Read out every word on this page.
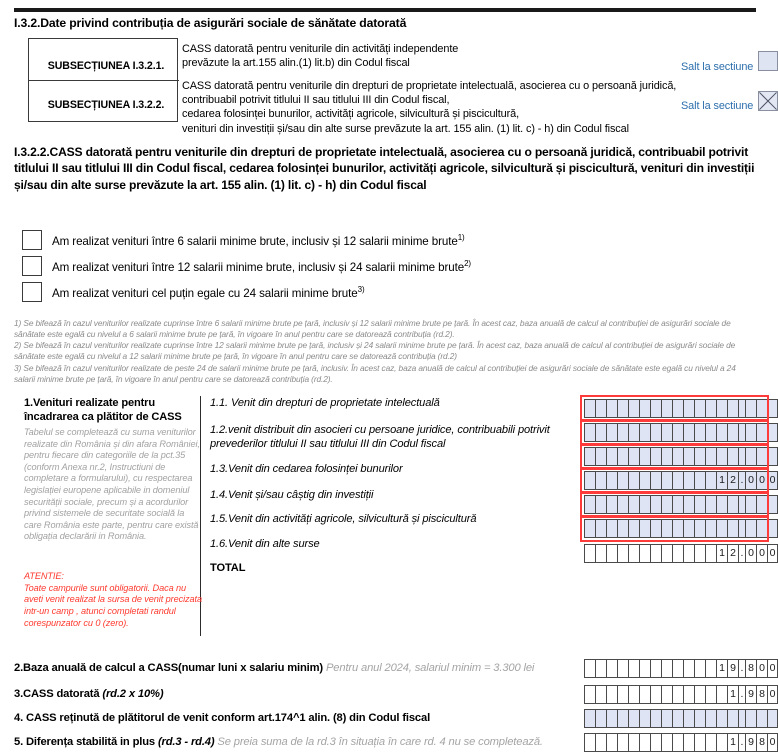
I.3.2.Date privind contribuția de asigurări sociale de sănătate datorată
SUBSECȚIUNEA I.3.2.1.
SUBSECȚIUNEA I.3.2.2.
CASS datorată pentru veniturile din activități independente
prevăzute la art.155 alin.(1) lit.b) din Codul fiscal
CASS datorată pentru veniturile din drepturi de proprietate intelectuală, asocierea cu o persoană juridică,
contribuabil potrivit titlului II sau titlului III din Codul fiscal,
cedarea folosinței bunurilor, activități agricole, silvicultură și piscicultură,
venituri din investiții și/sau din alte surse prevăzute la art. 155 alin. (1) lit. c) - h) din Codul fiscal
Salt la sectiune
Salt la sectiune
I.3.2.2.CASS datorată pentru veniturile din drepturi de proprietate intelectuală, asocierea cu o persoană juridică, contribuabil potrivit titlului II sau titlului III din Codul fiscal, cedarea folosinței bunurilor, activități agricole, silvicultură și piscicultură, venituri din investiții și/sau din alte surse prevăzute la art. 155 alin. (1) lit. c) - h) din Codul fiscal
Am realizat venituri între 6 salarii minime brute, inclusiv și 12 salarii minime brute$^{1)}$
Am realizat venituri între 12 salarii minime brute, inclusiv și 24 salarii minime brute$^{2)}$
Am realizat venituri cel puțin egale cu 24 salarii minime brute$^{3)}$

1) Se bifează în cazul veniturilor realizate cuprinse între 6 salarii minime brute pe țară, inclusiv și 12 salarii minime brute pe țară. În acest caz, baza anuală de calcul al contribuției de asigurări sociale de sănătate este egală cu nivelul a 6 salarii minime brute pe țară, în vigoare în anul pentru care se datorează contribuția (rd.2).

2) Se bifează în cazul veniturilor realizate cuprinse între 12 salarii minime brute pe țară, inclusiv și 24 salarii minime brute pe țară. În acest caz, baza anuală de calcul al contribuției de asigurări sociale de sănătate este egală cu nivelul a 12 salarii minime brute pe țară, în vigoare în anul pentru care se datorează contribuția (rd.2)

3) Se bifează în cazul veniturilor realizate de peste 24 de salarii minime brute pe țară, inclusiv. În acest caz, baza anuală de calcul al contribuției de asigurări sociale de sănătate este egală cu nivelul a 24 salarii minime brute pe țară, în vigoare în anul pentru care se datorează contribuția (rd.2).

1.Venituri realizate pentru încadrarea ca plătitor de CASS
Tabelul se completează cu suma veniturilor realizate din România și din afara României, pentru fiecare din categoriile de la pct.35 (conform Anexa nr.2, Instructiuni de completare a formularului), cu respectarea legislației europene aplicabile in domeniul securității sociale, precum și a acordurilor privind sistemele de securitate socială la care România este parte, pentru care există obligația declarării in România.
ATENTIE:
Toate campurile sunt obligatorii. Daca nu aveti venit realizat la sursa de venit precizata intr-un camp , atunci completati randul corespunzator cu 0 (zero).
1.1. Venit din drepturi de proprietate intelectuală
1.2.venit distribuit din asocieri cu persoane juridice, contribuabili potrivit prevederilor titlului II sau titlului III din Codul fiscal
1.3.Venit din cedarea folosinței bunurilor
1.4.Venit și/sau câștig din investiții
1.5.Venit din activități agricole, silvicultură și piscicultură
1.6.Venit din alte surse
TOTAL
1 2 . 0 0 0
1 2 . 0 0 0
1 9 . 8 0 0
1 . 9 8 0
1 . 9 8 0
2.Baza anuală de calcul a CASS(numar luni x salariu minim) Pentru anul 2024, salariul minim = 3.300 lei
3.CASS datorată (rd.2 x 10%)
4. CASS reținută de plătitorul de venit conform art.174^1 alin. (8) din Codul fiscal
5. Diferența stabilită in plus (rd.3 - rd.4) Se preia suma de la rd.3 în situația în care rd. 4 nu se completează.
